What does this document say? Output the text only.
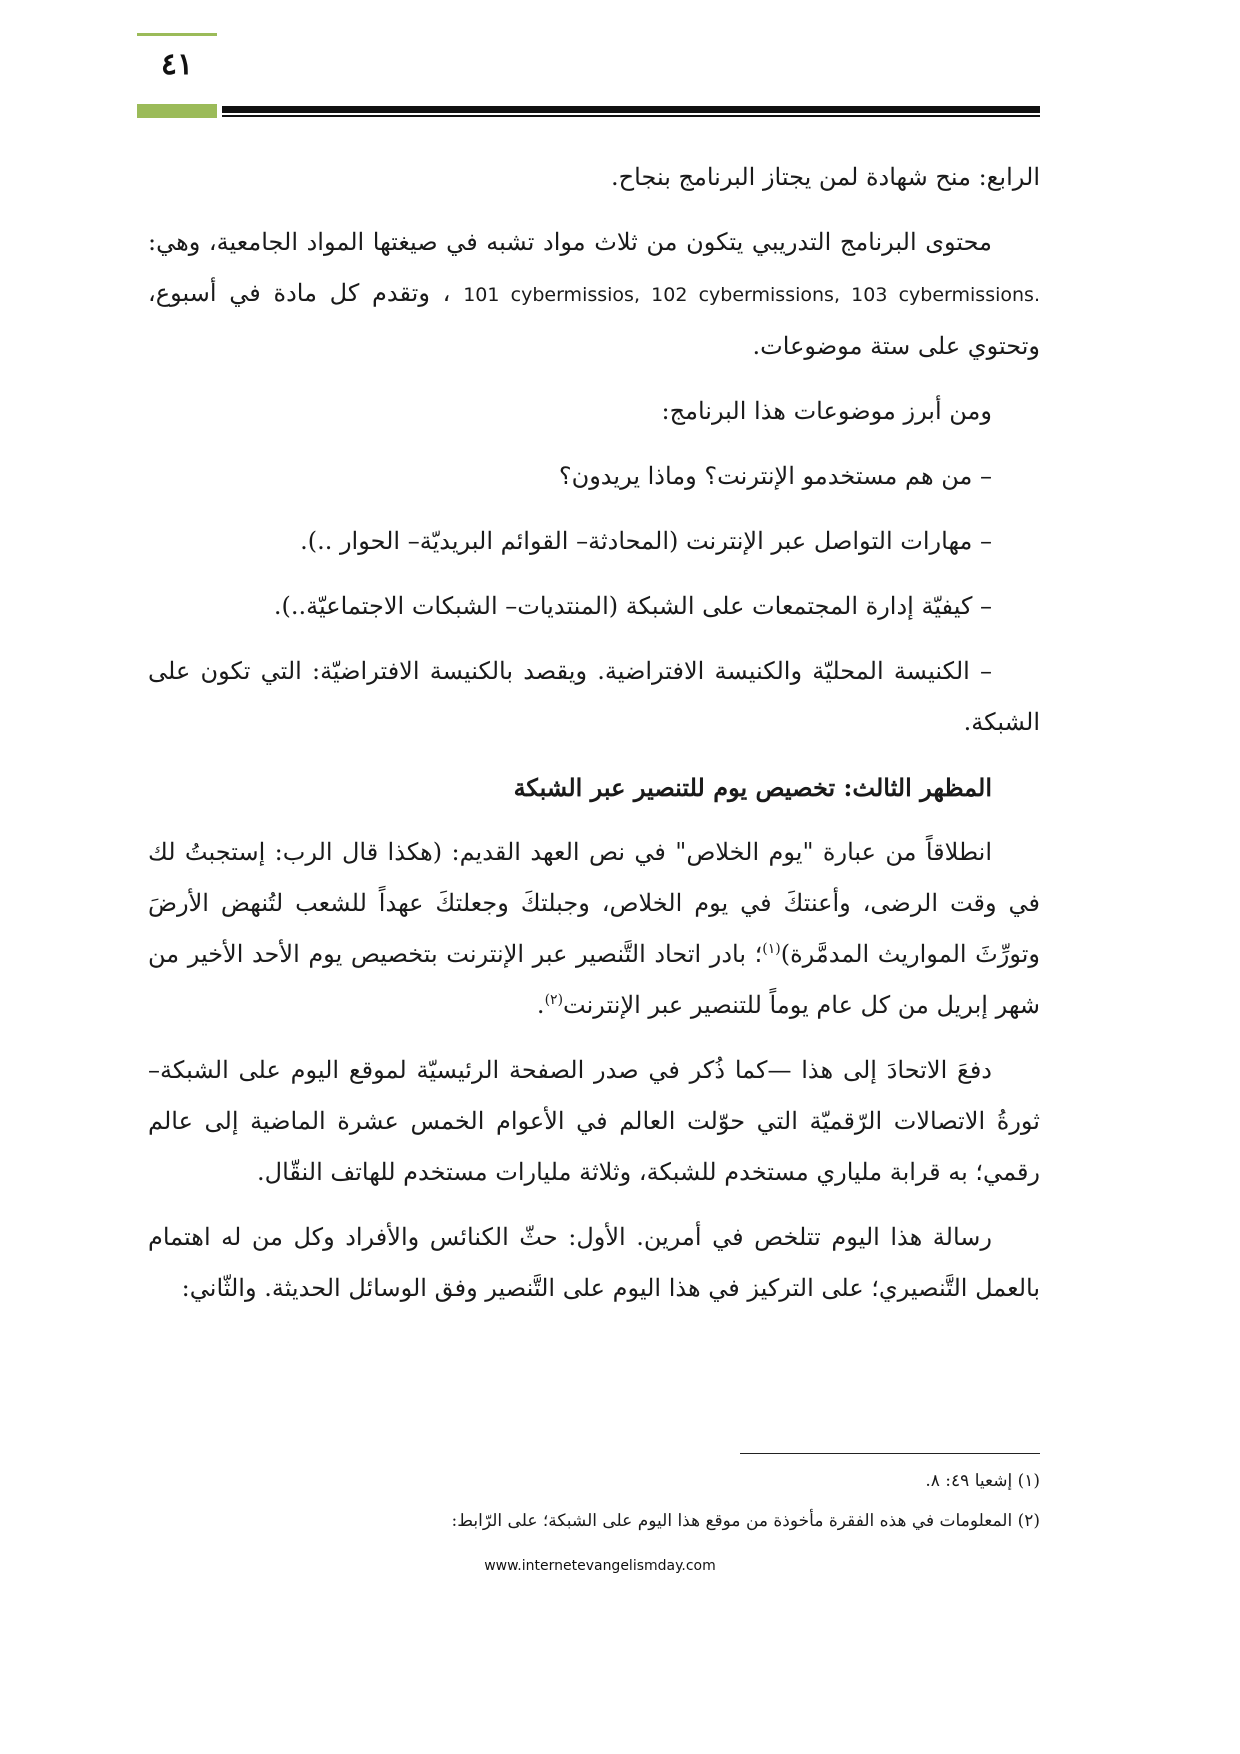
٤١

الرابع: منح شهادة لمن يجتاز البرنامج بنجاح.

محتوى البرنامج التدريبي يتكون من ثلاث مواد تشبه في صيغتها المواد الجامعية، وهي: 101 cybermissios, 102 cybermissions, 103 cybermissions. ، وتقدم كل مادة في أسبوع، وتحتوي على ستة موضوعات.

ومن أبرز موضوعات هذا البرنامج:

– من هم مستخدمو الإنترنت؟ وماذا يريدون؟

– مهارات التواصل عبر الإنترنت (المحادثة– القوائم البريديّة– الحوار ..).

– كيفيّة إدارة المجتمعات على الشبكة (المنتديات– الشبكات الاجتماعيّة..).

– الكنيسة المحليّة والكنيسة الافتراضية. ويقصد بالكنيسة الافتراضيّة: التي تكون على الشبكة.

المظهر الثالث: تخصيص يوم للتنصير عبر الشبكة

انطلاقاً من عبارة "يوم الخلاص" في نص العهد القديم: (هكذا قال الرب: إستجبتُ لك في وقت الرضى، وأعنتكَ في يوم الخلاص، وجبلتكَ وجعلتكَ عهداً للشعب لتُنهض الأرضَ وتورِّثَ المواريث المدمَّرة)$^{(١)}$؛ بادر اتحاد التَّنصير عبر الإنترنت بتخصيص يوم الأحد الأخير من شهر إبريل من كل عام يوماً للتنصير عبر الإنترنت$^{(٢)}$.

دفعَ الاتحادَ إلى هذا —كما ذُكر في صدر الصفحة الرئيسيّة لموقع اليوم على الشبكة– ثورةُ الاتصالات الرّقميّة التي حوّلت العالم في الأعوام الخمس عشرة الماضية إلى عالم رقمي؛ به قرابة ملياري مستخدم للشبكة، وثلاثة مليارات مستخدم للهاتف النقّال.

رسالة هذا اليوم تتلخص في أمرين. الأول: حثّ الكنائس والأفراد وكل من له اهتمام بالعمل التَّنصيري؛ على التركيز في هذا اليوم على التَّنصير وفق الوسائل الحديثة. والثّاني:

(١) إشعيا ٤٩: ٨.

(٢) المعلومات في هذه الفقرة مأخوذة من موقع هذا اليوم على الشبكة؛ على الرّابط:

www.internetevangelismday.com
